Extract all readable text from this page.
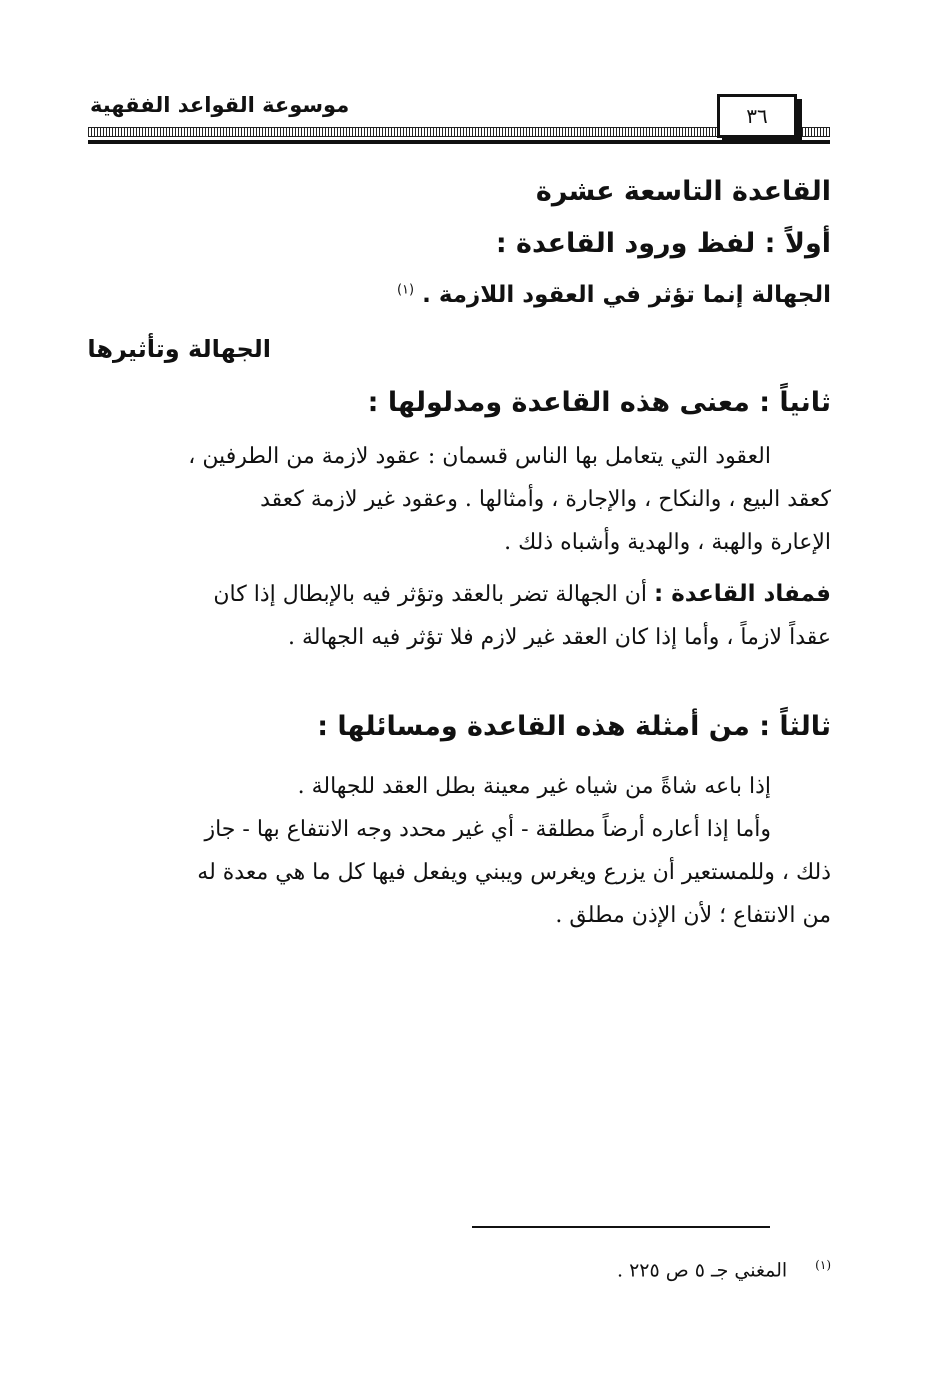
موسوعة القواعد الفقهية	٣٦
القاعدة التاسعة عشرة
أولاً : لفظ ورود القاعدة :
الجهالة إنما تؤثر في العقود اللازمة . $^{(١)}$
الجهالة وتأثيرها
ثانياً : معنى هذه القاعدة ومدلولها :
العقود التي يتعامل بها الناس قسمان : عقود لازمة من الطرفين ،
كعقد البيع ، والنكاح ، والإجارة ، وأمثالها . وعقود غير لازمة كعقد
الإعارة والهبة ، والهدية وأشباه ذلك .
فمفاد القاعدة : أن الجهالة تضر بالعقد وتؤثر فيه بالإبطال إذا كان
عقداً لازماً ، وأما إذا كان العقد غير لازم فلا تؤثر فيه الجهالة .
ثالثاً : من أمثلة هذه القاعدة ومسائلها :
إذا باعه شاةً من شياه غير معينة بطل العقد للجهالة .
وأما إذا أعاره أرضاً مطلقة - أي غير محدد وجه الانتفاع بها - جاز
ذلك ، وللمستعير أن يزرع ويغرس ويبني ويفعل فيها كل ما هي معدة له
من الانتفاع ؛ لأن الإذن مطلق .
$^{(١)}$المغني جـ ٥ ص ٢٢٥ .
